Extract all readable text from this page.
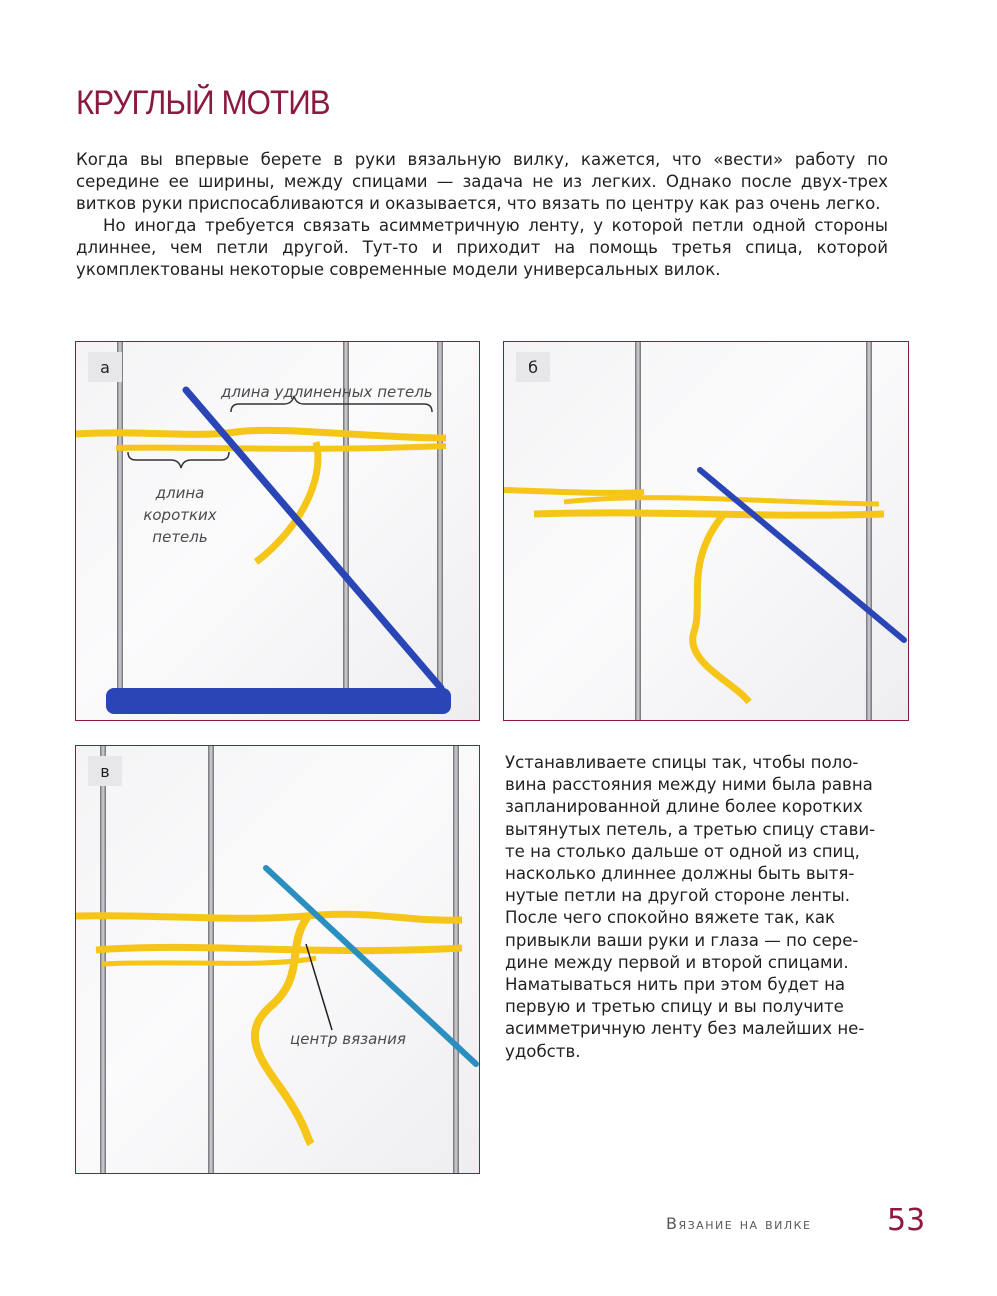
КРУГЛЫЙ МОТИВ

Когда вы впервые берете в руки вязальную вилку, кажется, что «вести» работу по середине ее ширины, между спицами — задача не из легких. Однако после двух-трех витков руки приспосабливаются и оказывается, что вязать по центру как раз очень легко.

Но иногда требуется связать асимметричную ленту, у которой петли одной стороны длиннее, чем петли другой. Тут-то и приходит на помощь третья спица, которой укомплектованы некоторые современные модели универсальных вилок.

длина удлиненных петель
длина
коротких
петель
а	б
центр вязания
в	Устанавливаете спицы так, чтобы поло-
вина расстояния между ними была равна
запланированной длине более коротких
вытянутых петель, а третью спицу стави-
те на столько дальше от одной из спиц,
насколько длиннее должны быть вытя-
нутые петли на другой стороне ленты.
После чего спокойно вяжете так, как
привыкли ваши руки и глаза — по сере-
дине между первой и второй спицами.
Наматываться нить при этом будет на
первую и третью спицу и вы получите
асимметричную ленту без малейших не-
удобств.
Вязание на вилке	53
